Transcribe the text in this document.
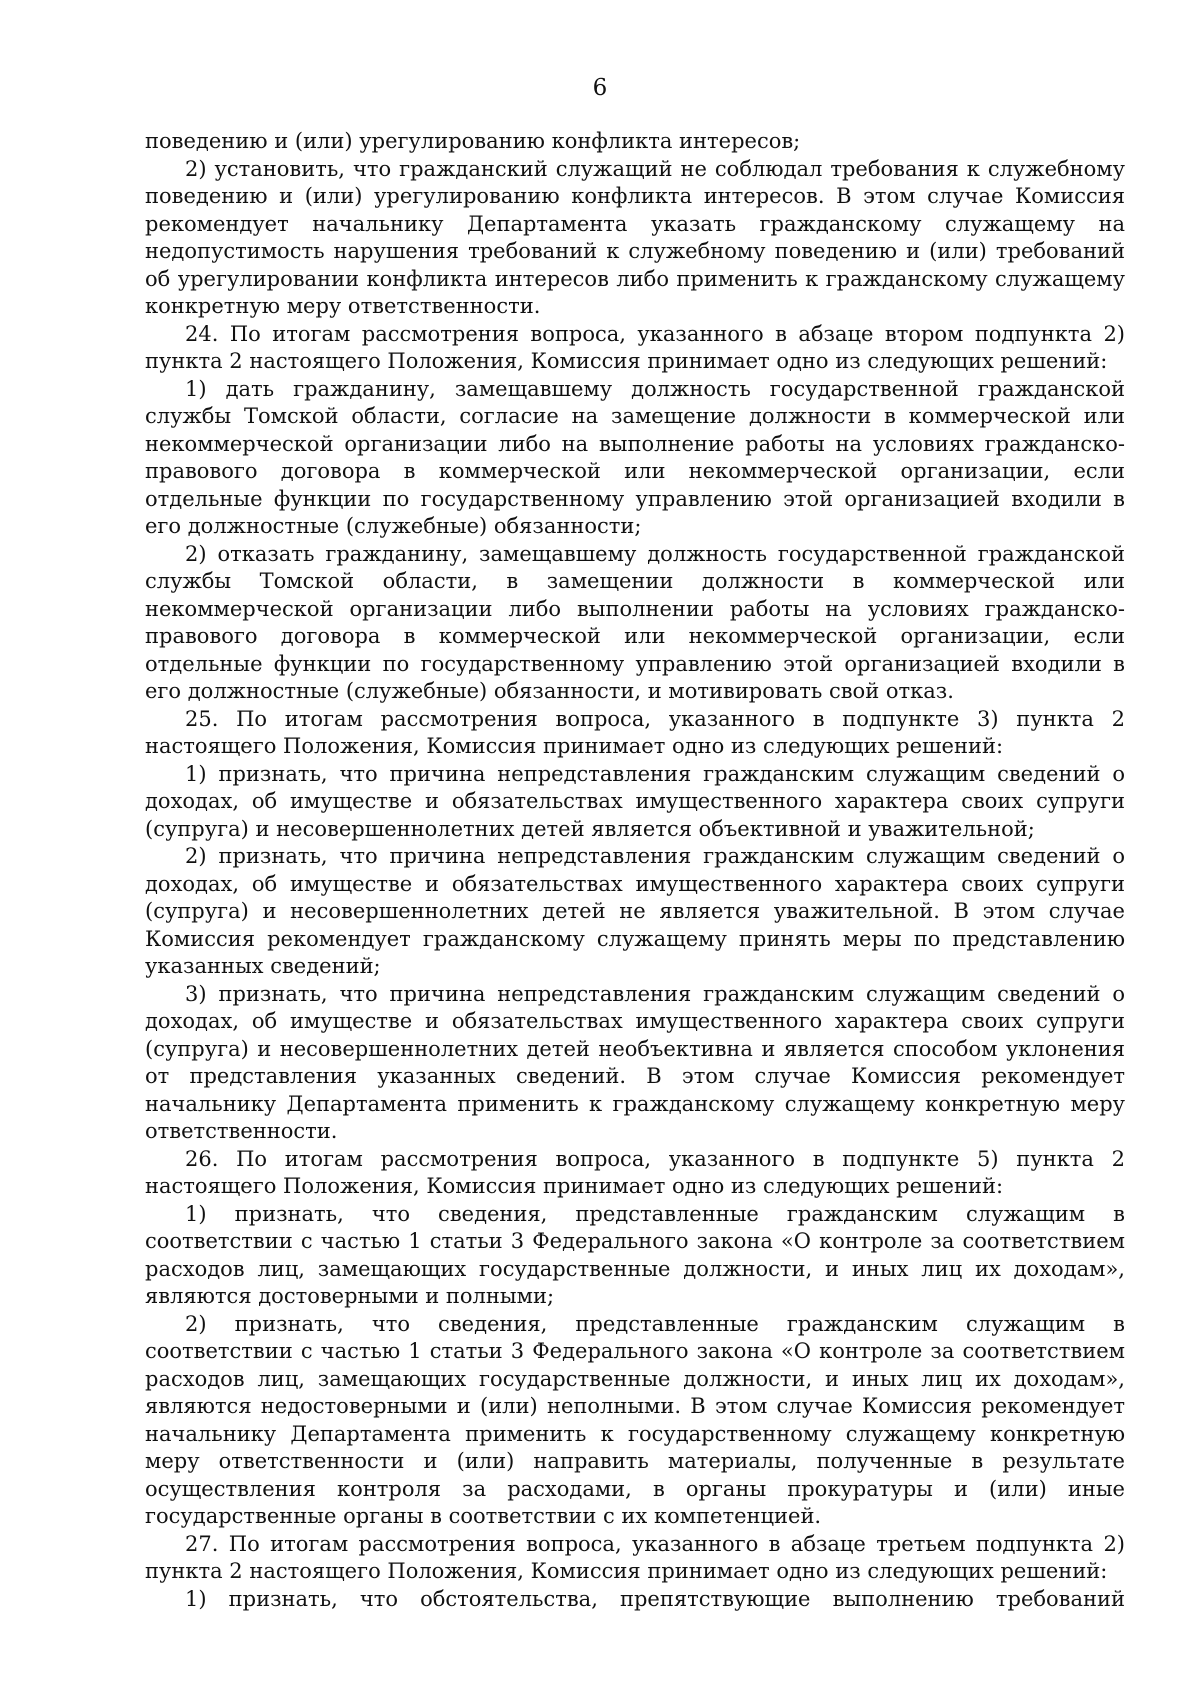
6

поведению и (или) урегулированию конфликта интересов;

2) установить, что гражданский служащий не соблюдал требования к служебному поведению и (или) урегулированию конфликта интересов. В этом случае Комиссия рекомендует начальнику Департамента указать гражданскому служащему на недопустимость нарушения требований к служебному поведению и (или) требований об урегулировании конфликта интересов либо применить к гражданскому служащему конкретную меру ответственности.

24. По итогам рассмотрения вопроса, указанного в абзаце втором подпункта 2) пункта 2 настоящего Положения, Комиссия принимает одно из следующих решений:

1) дать гражданину, замещавшему должность государственной гражданской службы Томской области, согласие на замещение должности в коммерческой или некоммерческой организации либо на выполнение работы на условиях гражданско-правового договора в коммерческой или некоммерческой организации, если отдельные функции по государственному управлению этой организацией входили в его должностные (служебные) обязанности;

2) отказать гражданину, замещавшему должность государственной гражданской службы Томской области, в замещении должности в коммерческой или некоммерческой организации либо выполнении работы на условиях гражданско-правового договора в коммерческой или некоммерческой организации, если отдельные функции по государственному управлению этой организацией входили в его должностные (служебные) обязанности, и мотивировать свой отказ.

25. По итогам рассмотрения вопроса, указанного в подпункте 3) пункта 2 настоящего Положения, Комиссия принимает одно из следующих решений:

1) признать, что причина непредставления гражданским служащим сведений о доходах, об имуществе и обязательствах имущественного характера своих супруги (супруга) и несовершеннолетних детей является объективной и уважительной;

2) признать, что причина непредставления гражданским служащим сведений о доходах, об имуществе и обязательствах имущественного характера своих супруги (супруга) и несовершеннолетних детей не является уважительной. В этом случае Комиссия рекомендует гражданскому служащему принять меры по представлению указанных сведений;

3) признать, что причина непредставления гражданским служащим сведений о доходах, об имуществе и обязательствах имущественного характера своих супруги (супруга) и несовершеннолетних детей необъективна и является способом уклонения от представления указанных сведений. В этом случае Комиссия рекомендует начальнику Департамента применить к гражданскому служащему конкретную меру ответственности.

26. По итогам рассмотрения вопроса, указанного в подпункте 5) пункта 2 настоящего Положения, Комиссия принимает одно из следующих решений:

1) признать, что сведения, представленные гражданским служащим в соответствии с частью 1 статьи 3 Федерального закона «О контроле за соответствием расходов лиц, замещающих государственные должности, и иных лиц их доходам», являются достоверными и полными;

2) признать, что сведения, представленные гражданским служащим в соответствии с частью 1 статьи 3 Федерального закона «О контроле за соответствием расходов лиц, замещающих государственные должности, и иных лиц их доходам», являются недостоверными и (или) неполными. В этом случае Комиссия рекомендует начальнику Департамента применить к государственному служащему конкретную меру ответственности и (или) направить материалы, полученные в результате осуществления контроля за расходами, в органы прокуратуры и (или) иные государственные органы в соответствии с их компетенцией.

27. По итогам рассмотрения вопроса, указанного в абзаце третьем подпункта 2) пункта 2 настоящего Положения, Комиссия принимает одно из следующих решений:

1) признать, что обстоятельства, препятствующие выполнению требований
